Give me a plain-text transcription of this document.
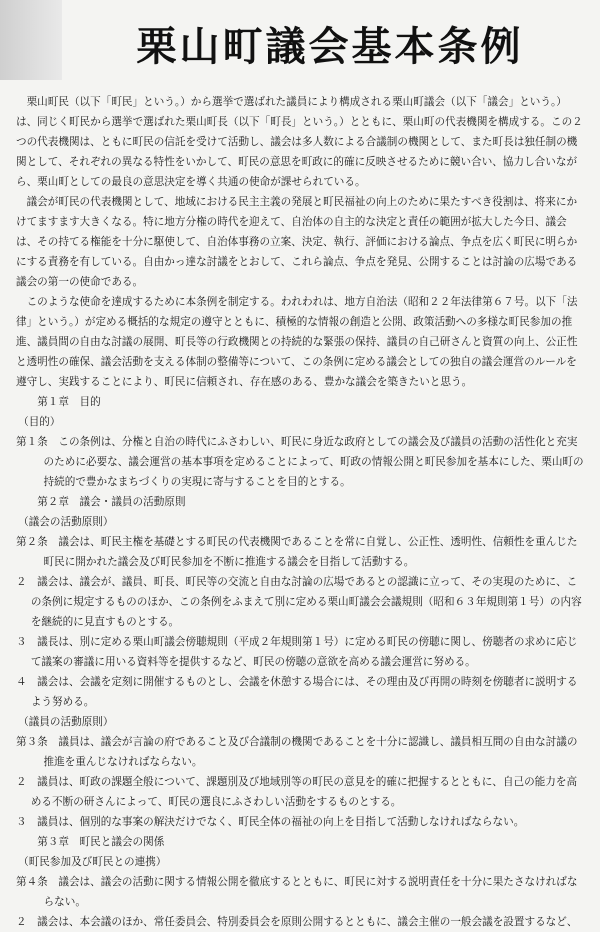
栗山町議会基本条例

栗山町民（以下「町民」という。）から選挙で選ばれた議員により構成される栗山町議会（以下「議会」という。）は、同じく町民から選挙で選ばれた栗山町長（以下「町長」という。）とともに、栗山町の代表機関を構成する。この２つの代表機関は、ともに町民の信託を受けて活動し、議会は多人数による合議制の機関として、また町長は独任制の機関として、それぞれの異なる特性をいかして、町民の意思を町政に的確に反映させるために競い合い、協力し合いながら、栗山町としての最良の意思決定を導く共通の使命が課せられている。

議会が町民の代表機関として、地域における民主主義の発展と町民福祉の向上のために果たすべき役割は、将来にかけてますます大きくなる。特に地方分権の時代を迎えて、自治体の自主的な決定と責任の範囲が拡大した今日、議会は、その持てる権能を十分に駆使して、自治体事務の立案、決定、執行、評価における論点、争点を広く町民に明らかにする責務を有している。自由かっ達な討議をとおして、これら論点、争点を発見、公開することは討論の広場である議会の第一の使命である。

このような使命を達成するために本条例を制定する。われわれは、地方自治法（昭和２２年法律第６７号。以下「法律」という。）が定める概括的な規定の遵守とともに、積極的な情報の創造と公開、政策活動への多様な町民参加の推進、議員間の自由な討議の展開、町長等の行政機関との持続的な緊張の保持、議員の自己研さんと資質の向上、公正性と透明性の確保、議会活動を支える体制の整備等について、この条例に定める議会としての独自の議会運営のルールを遵守し、実践することにより、町民に信頼され、存在感のある、豊かな議会を築きたいと思う。

第１章　目的

（目的）

第１条　この条例は、分権と自治の時代にふさわしい、町民に身近な政府としての議会及び議員の活動の活性化と充実のために必要な、議会運営の基本事項を定めることによって、町政の情報公開と町民参加を基本にした、栗山町の持続的で豊かなまちづくりの実現に寄与することを目的とする。

第２章　議会・議員の活動原則

（議会の活動原則）

第２条　議会は、町民主権を基礎とする町民の代表機関であることを常に自覚し、公正性、透明性、信頼性を重んじた町民に開かれた議会及び町民参加を不断に推進する議会を目指して活動する。

２　議会は、議会が、議員、町長、町民等の交流と自由な討論の広場であるとの認識に立って、その実現のために、この条例に規定するもののほか、この条例をふまえて別に定める栗山町議会会議規則（昭和６３年規則第１号）の内容を継続的に見直すものとする。

３　議長は、別に定める栗山町議会傍聴規則（平成２年規則第１号）に定める町民の傍聴に関し、傍聴者の求めに応じて議案の審議に用いる資料等を提供するなど、町民の傍聴の意欲を高める議会運営に努める。

４　議会は、会議を定刻に開催するものとし、会議を休憩する場合には、その理由及び再開の時刻を傍聴者に説明するよう努める。

（議員の活動原則）

第３条　議員は、議会が言論の府であること及び合議制の機関であることを十分に認識し、議員相互間の自由な討議の推進を重んじなければならない。

２　議員は、町政の課題全般について、課題別及び地域別等の町民の意見を的確に把握するとともに、自己の能力を高める不断の研さんによって、町民の選良にふさわしい活動をするものとする。

３　議員は、個別的な事案の解決だけでなく、町民全体の福祉の向上を目指して活動しなければならない。

第３章　町民と議会の関係

（町民参加及び町民との連携）

第４条　議会は、議会の活動に関する情報公開を徹底するとともに、町民に対する説明責任を十分に果たさなければならない。

２　議会は、本会議のほか、常任委員会、特別委員会を原則公開するとともに、議会主催の一般会議を設置するなど、
